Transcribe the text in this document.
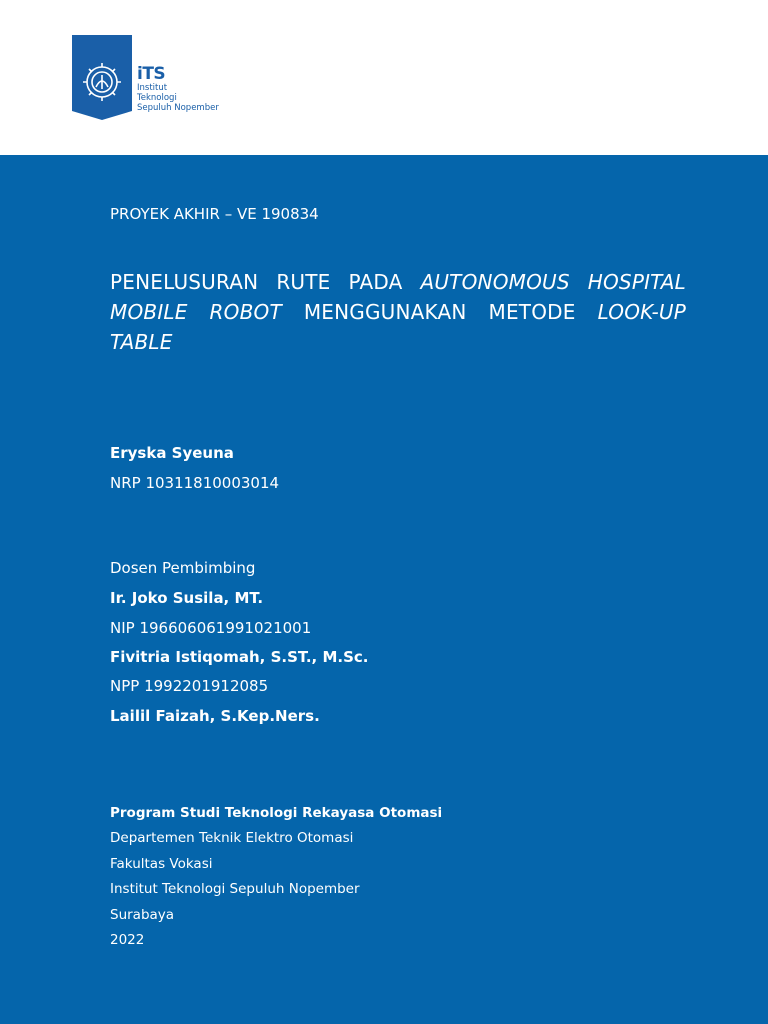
iTS
Institut
Teknologi
Sepuluh Nopember
PROYEK AKHIR – VE 190834
PENELUSURAN RUTE PADA AUTONOMOUS HOSPITAL MOBILE ROBOT MENGGUNAKAN METODE LOOK-UP TABLE
Eryska Syeuna
NRP 10311810003014
Dosen Pembimbing
Ir. Joko Susila, MT.
NIP 196606061991021001
Fivitria Istiqomah, S.ST., M.Sc.
NPP 1992201912085
Lailil Faizah, S.Kep.Ners.
Program Studi Teknologi Rekayasa Otomasi
Departemen Teknik Elektro Otomasi
Fakultas Vokasi
Institut Teknologi Sepuluh Nopember
Surabaya
2022
